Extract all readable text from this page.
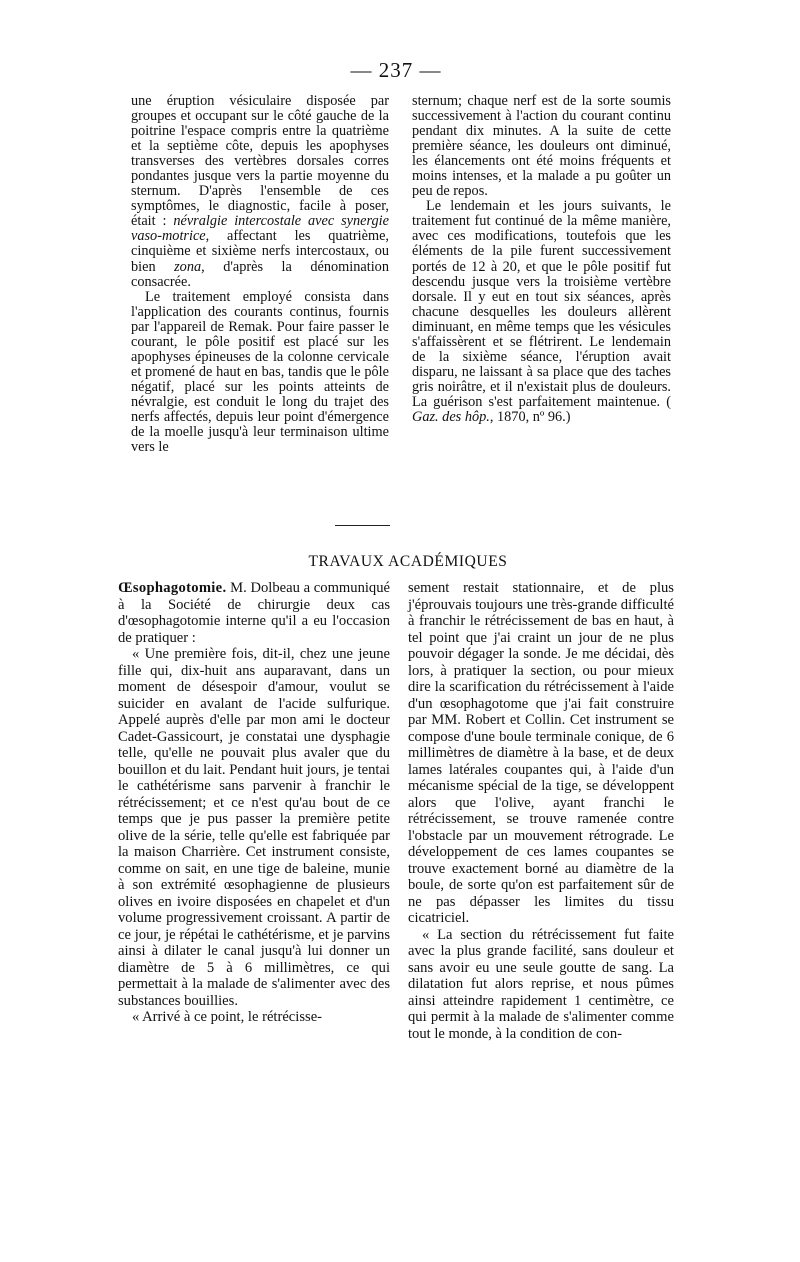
— 237 —

une éruption vésiculaire disposée par groupes et occupant sur le côté gauche de la poitrine l'espace compris entre la quatrième et la septième côte, depuis les apophyses transverses des vertèbres dorsales corres pondantes jusque vers la partie moyenne du sternum. D'après l'ensemble de ces symptômes, le diagnostic, facile à poser, était : névralgie intercostale avec synergie vaso-motrice, affectant les quatrième, cinquième et sixième nerfs intercostaux, ou bien zona, d'après la dénomination consacrée.

Le traitement employé consista dans l'application des courants continus, fournis par l'appareil de Remak. Pour faire passer le courant, le pôle positif est placé sur les apophyses épineuses de la colonne cervicale et promené de haut en bas, tandis que le pôle négatif, placé sur les points atteints de névralgie, est conduit le long du trajet des nerfs affectés, depuis leur point d'émergence de la moelle jusqu'à leur terminaison ultime vers le

sternum; chaque nerf est de la sorte soumis successivement à l'action du courant continu pendant dix minutes. A la suite de cette première séance, les douleurs ont diminué, les élancements ont été moins fréquents et moins intenses, et la malade a pu goûter un peu de repos.

Le lendemain et les jours suivants, le traitement fut continué de la même manière, avec ces modifications, toutefois que les éléments de la pile furent successivement portés de 12 à 20, et que le pôle positif fut descendu jusque vers la troisième vertèbre dorsale. Il y eut en tout six séances, après chacune desquelles les douleurs allèrent diminuant, en même temps que les vésicules s'affaissèrent et se flétrirent. Le lendemain de la sixième séance, l'éruption avait disparu, ne laissant à sa place que des taches gris noirâtre, et il n'existait plus de douleurs. La guérison s'est parfaitement maintenue. ( Gaz. des hôp., 1870, nº 96.)

TRAVAUX ACADÉMIQUES

Œsophagotomie. M. Dolbeau a communiqué à la Société de chirurgie deux cas d'œsophagotomie interne qu'il a eu l'occasion de pratiquer :

« Une première fois, dit-il, chez une jeune fille qui, dix-huit ans auparavant, dans un moment de désespoir d'amour, voulut se suicider en avalant de l'acide sulfurique. Appelé auprès d'elle par mon ami le docteur Cadet-Gassicourt, je constatai une dysphagie telle, qu'elle ne pouvait plus avaler que du bouillon et du lait. Pendant huit jours, je tentai le cathétérisme sans parvenir à franchir le rétrécissement; et ce n'est qu'au bout de ce temps que je pus passer la première petite olive de la série, telle qu'elle est fabriquée par la maison Charrière. Cet instrument consiste, comme on sait, en une tige de baleine, munie à son extrémité œsophagienne de plusieurs olives en ivoire disposées en chapelet et d'un volume progressivement croissant. A partir de ce jour, je répétai le cathétérisme, et je parvins ainsi à dilater le canal jusqu'à lui donner un diamètre de 5 à 6 millimètres, ce qui permettait à la malade de s'alimenter avec des substances bouillies.

« Arrivé à ce point, le rétrécisse-

sement restait stationnaire, et de plus j'éprouvais toujours une très-grande difficulté à franchir le rétrécissement de bas en haut, à tel point que j'ai craint un jour de ne plus pouvoir dégager la sonde. Je me décidai, dès lors, à pratiquer la section, ou pour mieux dire la scarification du rétrécissement à l'aide d'un œsophagotome que j'ai fait construire par MM. Robert et Collin. Cet instrument se compose d'une boule terminale conique, de 6 millimètres de diamètre à la base, et de deux lames latérales coupantes qui, à l'aide d'un mécanisme spécial de la tige, se développent alors que l'olive, ayant franchi le rétrécissement, se trouve ramenée contre l'obstacle par un mouvement rétrograde. Le développement de ces lames coupantes se trouve exactement borné au diamètre de la boule, de sorte qu'on est parfaitement sûr de ne pas dépasser les limites du tissu cicatriciel.

« La section du rétrécissement fut faite avec la plus grande facilité, sans douleur et sans avoir eu une seule goutte de sang. La dilatation fut alors reprise, et nous pûmes ainsi atteindre rapidement 1 centimètre, ce qui permit à la malade de s'alimenter comme tout le monde, à la condition de con-
